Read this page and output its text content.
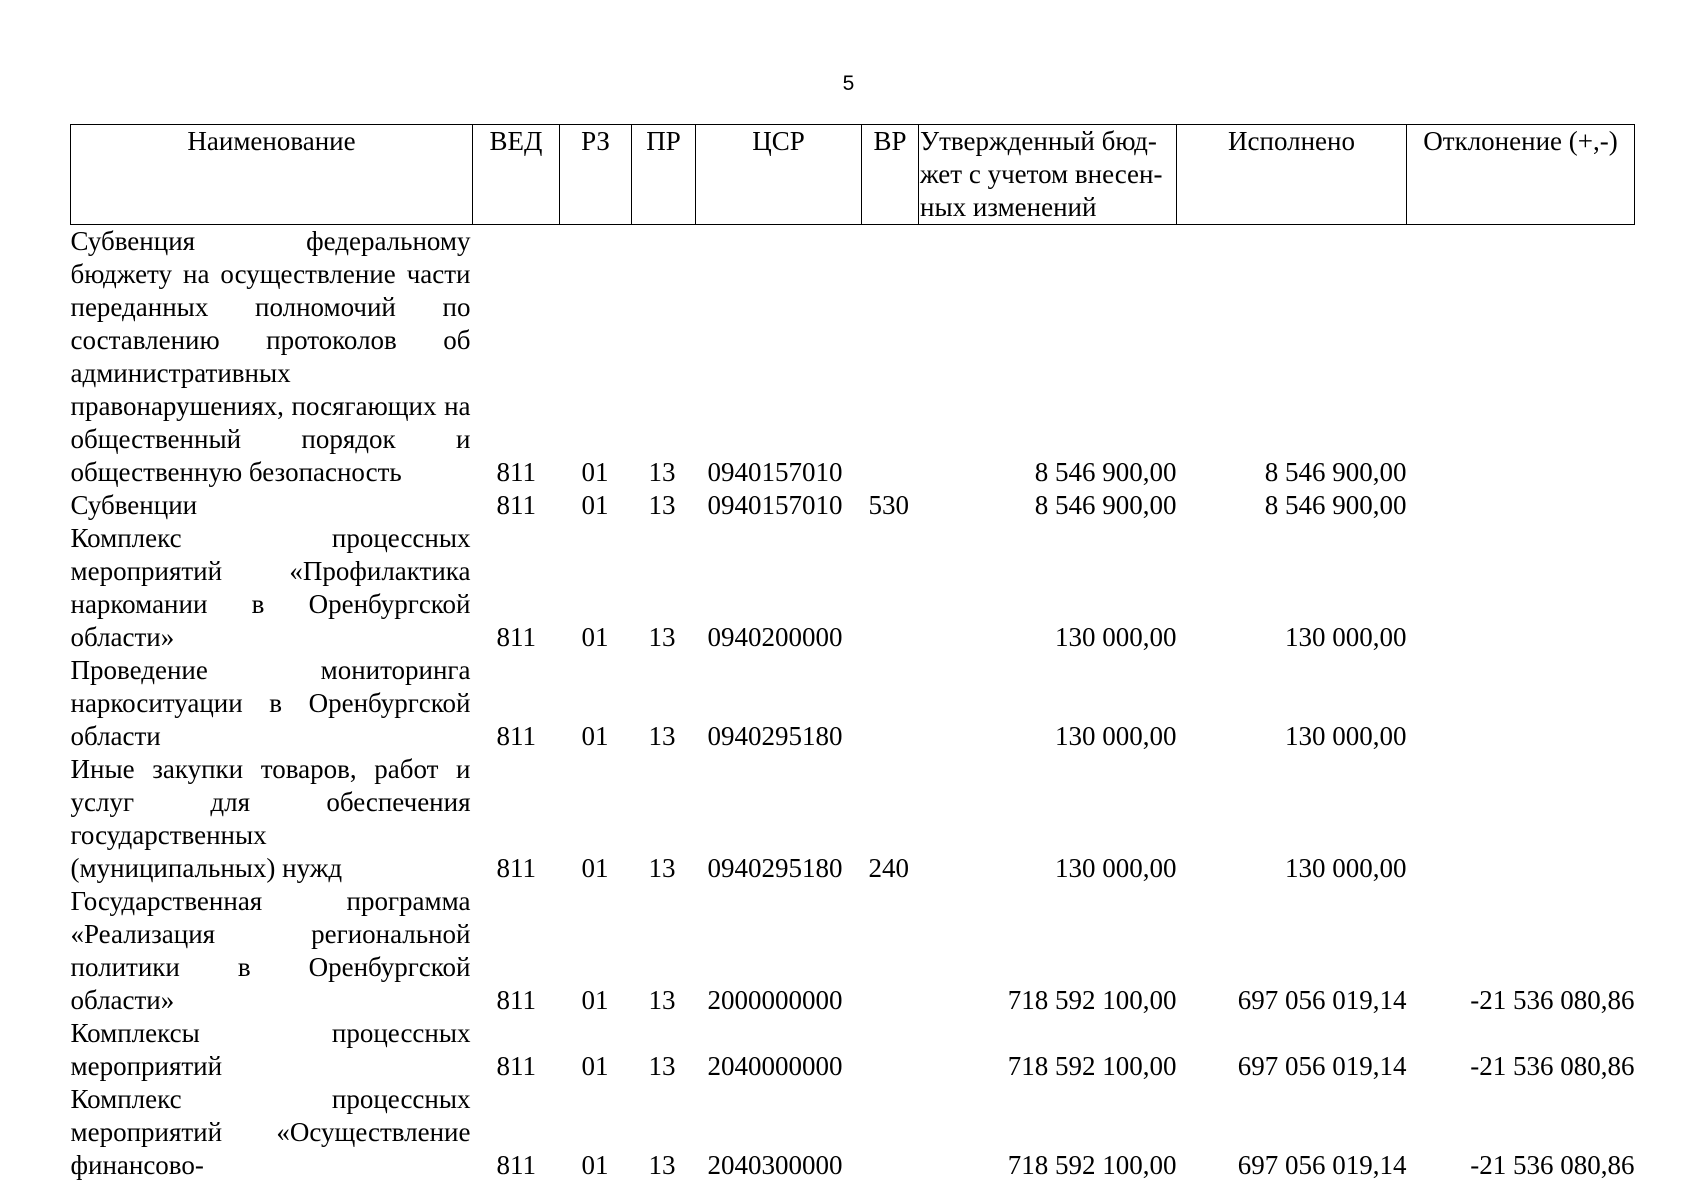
5
Наименование	ВЕД	РЗ	ПР	ЦСР	ВР	Утвержденный бюд-жет с учетом внесен-ных изменений	Исполнено	Отклонение (+,-)
Субвенция федеральному бюджету на осуществление части переданных полномочий по составлению протоколов об административных правонарушениях, посягающих на общественный порядок и общественную безопасность	811	01	13	0940157010		8 546 900,00	8 546 900,00	
Субвенции	811	01	13	0940157010	530	8 546 900,00	8 546 900,00	
Комплекс процессных мероприятий «Профилактика наркомании в Оренбургской области»	811	01	13	0940200000		130 000,00	130 000,00	
Проведение мониторинга наркоситуации в Оренбургской области	811	01	13	0940295180		130 000,00	130 000,00	
Иные закупки товаров, работ и услуг для обеспечения государственных (муниципальных) нужд	811	01	13	0940295180	240	130 000,00	130 000,00	
Государственная программа «Реализация региональной политики в Оренбургской области»	811	01	13	2000000000		718 592 100,00	697 056 019,14	-21 536 080,86
Комплексы процессных мероприятий	811	01	13	2040000000		718 592 100,00	697 056 019,14	-21 536 080,86
Комплекс процессных мероприятий «Осуществление финансово-	811	01	13	2040300000		718 592 100,00	697 056 019,14	-21 536 080,86
